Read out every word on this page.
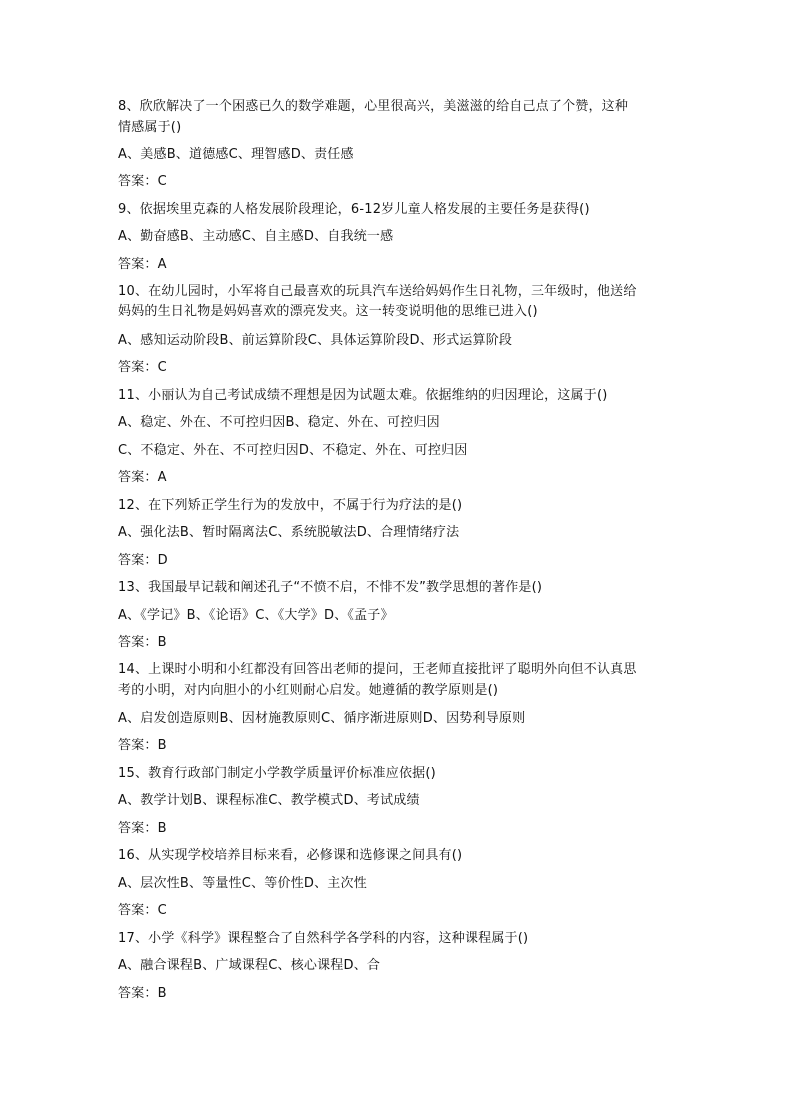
8、欣欣解决了一个困惑已久的数学难题，心里很高兴，美滋滋的给自己点了个赞，这种
情感属于()
A、美感B、道德感C、理智感D、责任感
答案：C
9、依据埃里克森的人格发展阶段理论，6-12岁儿童人格发展的主要任务是获得()
A、勤奋感B、主动感C、自主感D、自我统一感
答案：A
10、在幼儿园时，小军将自己最喜欢的玩具汽车送给妈妈作生日礼物，三年级时，他送给
妈妈的生日礼物是妈妈喜欢的漂亮发夹。这一转变说明他的思维已进入()
A、感知运动阶段B、前运算阶段C、具体运算阶段D、形式运算阶段
答案：C
11、小丽认为自己考试成绩不理想是因为试题太难。依据维纳的归因理论，这属于()
A、稳定、外在、不可控归因B、稳定、外在、可控归因
C、不稳定、外在、不可控归因D、不稳定、外在、可控归因
答案：A
12、在下列矫正学生行为的发放中，不属于行为疗法的是()
A、强化法B、暂时隔离法C、系统脱敏法D、合理情绪疗法
答案：D
13、我国最早记载和阐述孔子“不愤不启，不悱不发”教学思想的著作是()
A、《学记》B、《论语》C、《大学》D、《孟子》
答案：B
14、上课时小明和小红都没有回答出老师的提问，王老师直接批评了聪明外向但不认真思
考的小明，对内向胆小的小红则耐心启发。她遵循的教学原则是()
A、启发创造原则B、因材施教原则C、循序渐进原则D、因势利导原则
答案：B
15、教育行政部门制定小学教学质量评价标准应依据()
A、教学计划B、课程标准C、教学模式D、考试成绩
答案：B
16、从实现学校培养目标来看，必修课和选修课之间具有()
A、层次性B、等量性C、等价性D、主次性
答案：C
17、小学《科学》课程整合了自然科学各学科的内容，这种课程属于()
A、融合课程B、广域课程C、核心课程D、合
答案：B
